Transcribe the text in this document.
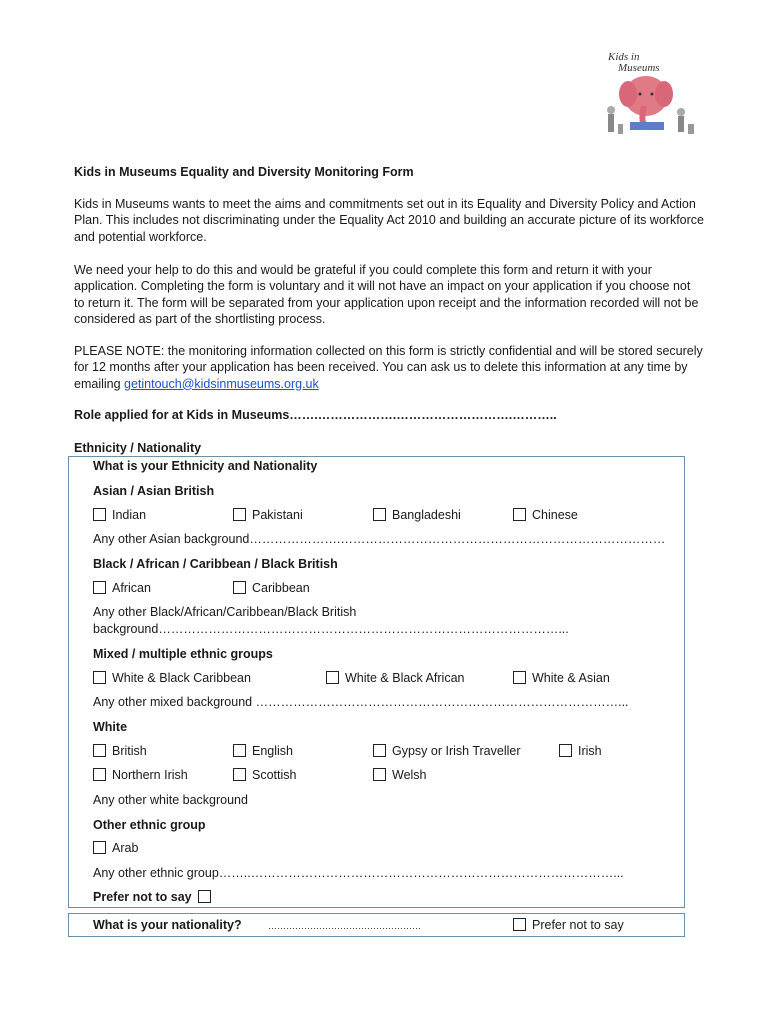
Kids in
Museums
Kids in Museums Equality and Diversity Monitoring Form
Kids in Museums wants to meet the aims and commitments set out in its Equality and Diversity Policy and Action Plan. This includes not discriminating under the Equality Act 2010 and building an accurate picture of its workforce and potential workforce.
We need your help to do this and would be grateful if you could complete this form and return it with your application. Completing the form is voluntary and it will not have an impact on your application if you choose not to return it. The form will be separated from your application upon receipt and the information recorded will not be considered as part of the shortlisting process.
PLEASE NOTE: the monitoring information collected on this form is strictly confidential and will be stored securely for 12 months after your application has been received. You can ask us to delete this information at any time by emailing getintouch@kidsinmuseums.org.uk
Role applied for at Kids in Museums…….……………….……………………….………..
Ethnicity / Nationality
What is your Ethnicity and Nationality
Asian / Asian British
Indian	Pakistani	Bangladeshi	Chinese
Any other Asian background………………….……………………………………………………………………
Black / African / Caribbean / Black British
African	Caribbean
Any other Black/African/Caribbean/Black British
background……………………………………………………………………………………...
Mixed / multiple ethnic groups
White & Black Caribbean	White & Black African	White & Asian
Any other mixed background ……………………………………………………………………………...
White
British	English	Gypsy or Irish Traveller	Irish
Northern Irish	Scottish	Welsh
Any other white background
Other ethnic group
Arab
Any other ethnic group……..……………………………………………………………………………...
Prefer not to say
What is your nationality?	……………………………………………	Prefer not to say
